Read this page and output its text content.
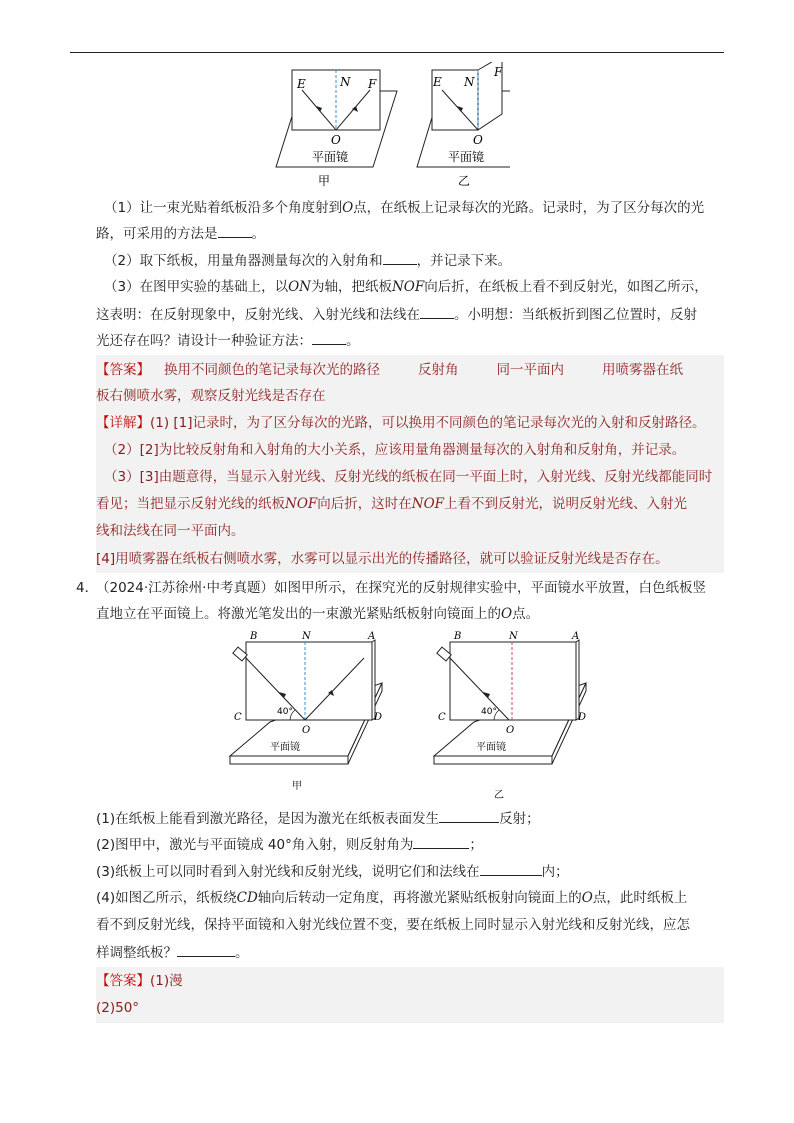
E	N F
O
平面镜
甲
E N
F
O
平面镜
乙
（1）让一束光贴着纸板沿多个角度射到O点，在纸板上记录每次的光路。记录时，为了区分每次的光
路，可采用的方法是	。
（2）取下纸板，用量角器测量每次的入射角和	，并记录下来。
（3）在图甲实验的基础上，以ON为轴，把纸板NOF向后折，在纸板上看不到反射光，如图乙所示，
这表明：在反射现象中，反射光线、入射光线和法线在	。小明想：当纸板折到图乙位置时，反射
光还存在吗？请设计一种验证方法：	。
【答案】 换用不同颜色的笔记录每次光的路径	反射角	同一平面内	用喷雾器在纸
板右侧喷水雾，观察反射光线是否存在
【详解】(1) [1]记录时，为了区分每次的光路，可以换用不同颜色的笔记录每次光的入射和反射路径。
（2）[2]为比较反射角和入射角的大小关系，应该用量角器测量每次的入射角和反射角，并记录。
（3）[3]由题意得，当显示入射光线、反射光线的纸板在同一平面上时，入射光线、反射光线都能同时
看见；当把显示反射光线的纸板NOF向后折，这时在NOF上看不到反射光，说明反射光线、入射光
线和法线在同一平面内。
[4]用喷雾器在纸板右侧喷水雾，水雾可以显示出光的传播路径，就可以验证反射光线是否存在。
4．
（2024·江苏徐州·中考真题）如图甲所示，在探究光的反射规律实验中，平面镜水平放置，白色纸板竖
直地立在平面镜上。将激光笔发出的一束激光紧贴纸板射向镜面上的O点。
B	N	A
C
O
D
40°
平面镜
甲
B	N	A
C
O
D
40°
平面镜
乙
(1)在纸板上能看到激光路径，是因为激光在纸板表面发生	反射；
(2)图甲中，激光与平面镜成 40°角入射，则反射角为	；
(3)纸板上可以同时看到入射光线和反射光线，说明它们和法线在	内；
(4)如图乙所示，纸板绕CD轴向后转动一定角度，再将激光紧贴纸板射向镜面上的O点，此时纸板上
看不到反射光线，保持平面镜和入射光线位置不变，要在纸板上同时显示入射光线和反射光线，应怎
样调整纸板？	。
【答案】(1)漫
(2)50°
